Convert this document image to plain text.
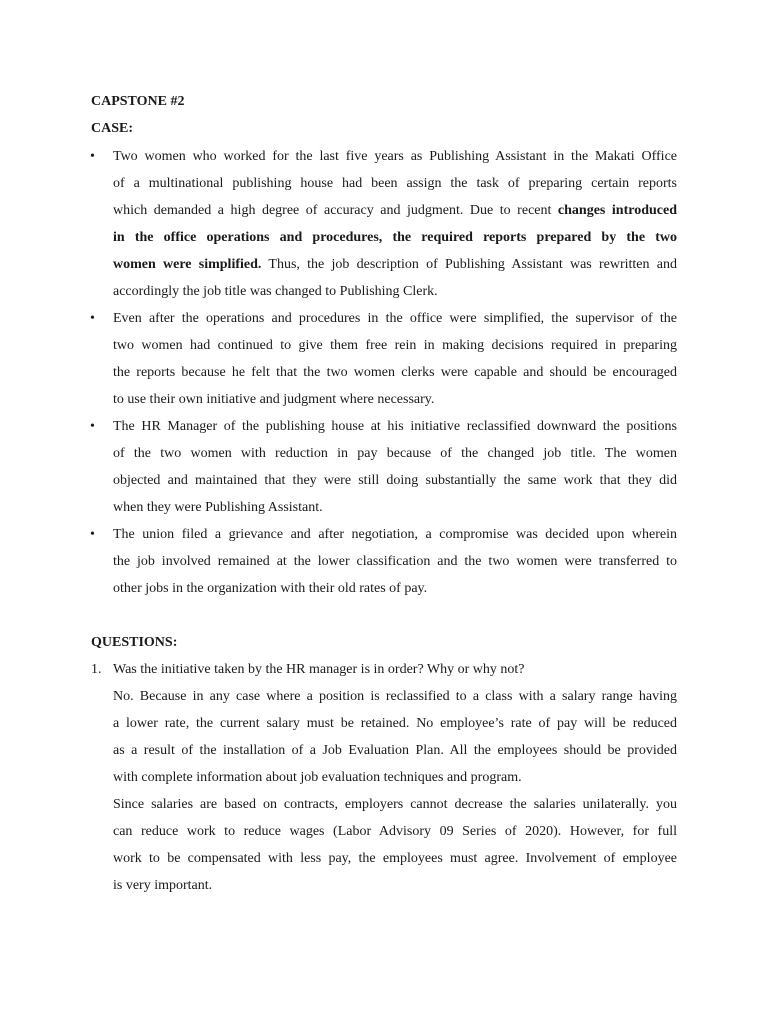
CAPSTONE #2
CASE:
•	Two women who worked for the last five years as Publishing Assistant in the Makati Office
of a multinational publishing house had been assign the task of preparing certain reports
which demanded a high degree of accuracy and judgment. Due to recent changes introduced
in the office operations and procedures, the required reports prepared by the two
women were simplified. Thus, the job description of Publishing Assistant was rewritten and
accordingly the job title was changed to Publishing Clerk.
•	Even after the operations and procedures in the office were simplified, the supervisor of the
two women had continued to give them free rein in making decisions required in preparing
the reports because he felt that the two women clerks were capable and should be encouraged
to use their own initiative and judgment where necessary.
•	The HR Manager of the publishing house at his initiative reclassified downward the positions
of the two women with reduction in pay because of the changed job title. The women
objected and maintained that they were still doing substantially the same work that they did
when they were Publishing Assistant.
•	The union filed a grievance and after negotiation, a compromise was decided upon wherein
the job involved remained at the lower classification and the two women were transferred to
other jobs in the organization with their old rates of pay.
QUESTIONS:
1. Was the initiative taken by the HR manager is in order? Why or why not?
No. Because in any case where a position is reclassified to a class with a salary range having
a lower rate, the current salary must be retained. No employee’s rate of pay will be reduced
as a result of the installation of a Job Evaluation Plan. All the employees should be provided
with complete information about job evaluation techniques and program.
Since salaries are based on contracts, employers cannot decrease the salaries unilaterally. you
can reduce work to reduce wages (Labor Advisory 09 Series of 2020). However, for full
work to be compensated with less pay, the employees must agree. Involvement of employee
is very important.
